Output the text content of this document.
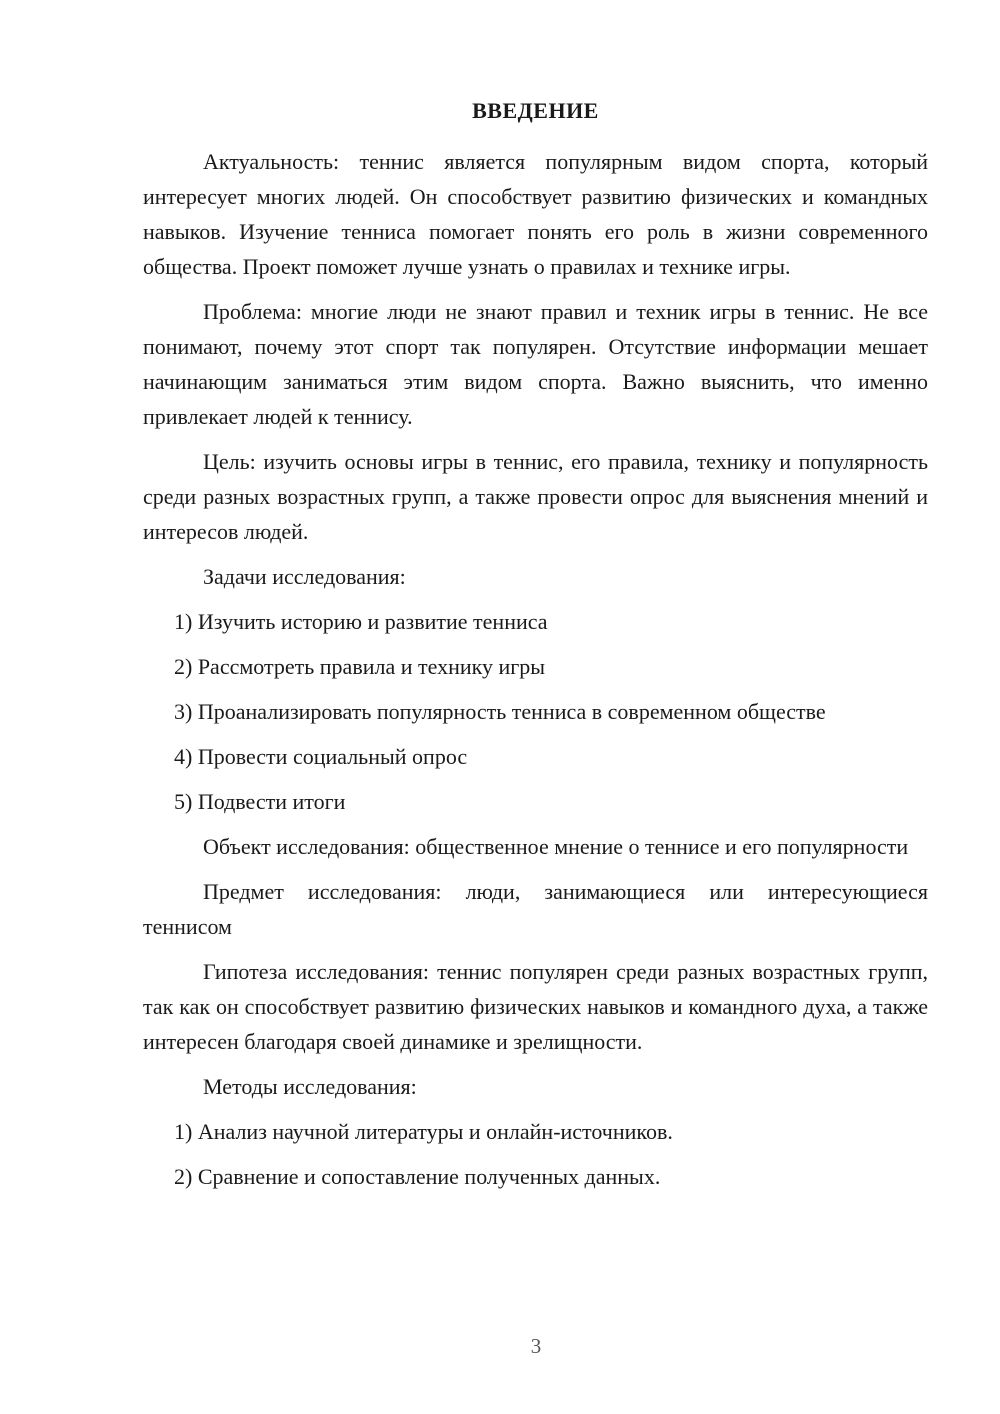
ВВЕДЕНИЕ

Актуальность: теннис является популярным видом спорта, который интересует многих людей. Он способствует развитию физических и командных навыков. Изучение тенниса помогает понять его роль в жизни современного общества. Проект поможет лучше узнать о правилах и технике игры.

Проблема: многие люди не знают правил и техник игры в теннис. Не все понимают, почему этот спорт так популярен. Отсутствие информации мешает начинающим заниматься этим видом спорта. Важно выяснить, что именно привлекает людей к теннису.

Цель: изучить основы игры в теннис, его правила, технику и популярность среди разных возрастных групп, а также провести опрос для выяснения мнений и интересов людей.

Задачи исследования:

1) Изучить историю и развитие тенниса
2) Рассмотреть правила и технику игры
3) Проанализировать популярность тенниса в современном обществе
4) Провести социальный опрос
5) Подвести итоги

Объект исследования: общественное мнение о теннисе и его популярности

Предмет исследования: люди, занимающиеся или интересующиеся теннисом

Гипотеза исследования: теннис популярен среди разных возрастных групп, так как он способствует развитию физических навыков и командного духа, а также интересен благодаря своей динамике и зрелищности.

Методы исследования:

1) Анализ научной литературы и онлайн-источников.
2) Сравнение и сопоставление полученных данных.
3
